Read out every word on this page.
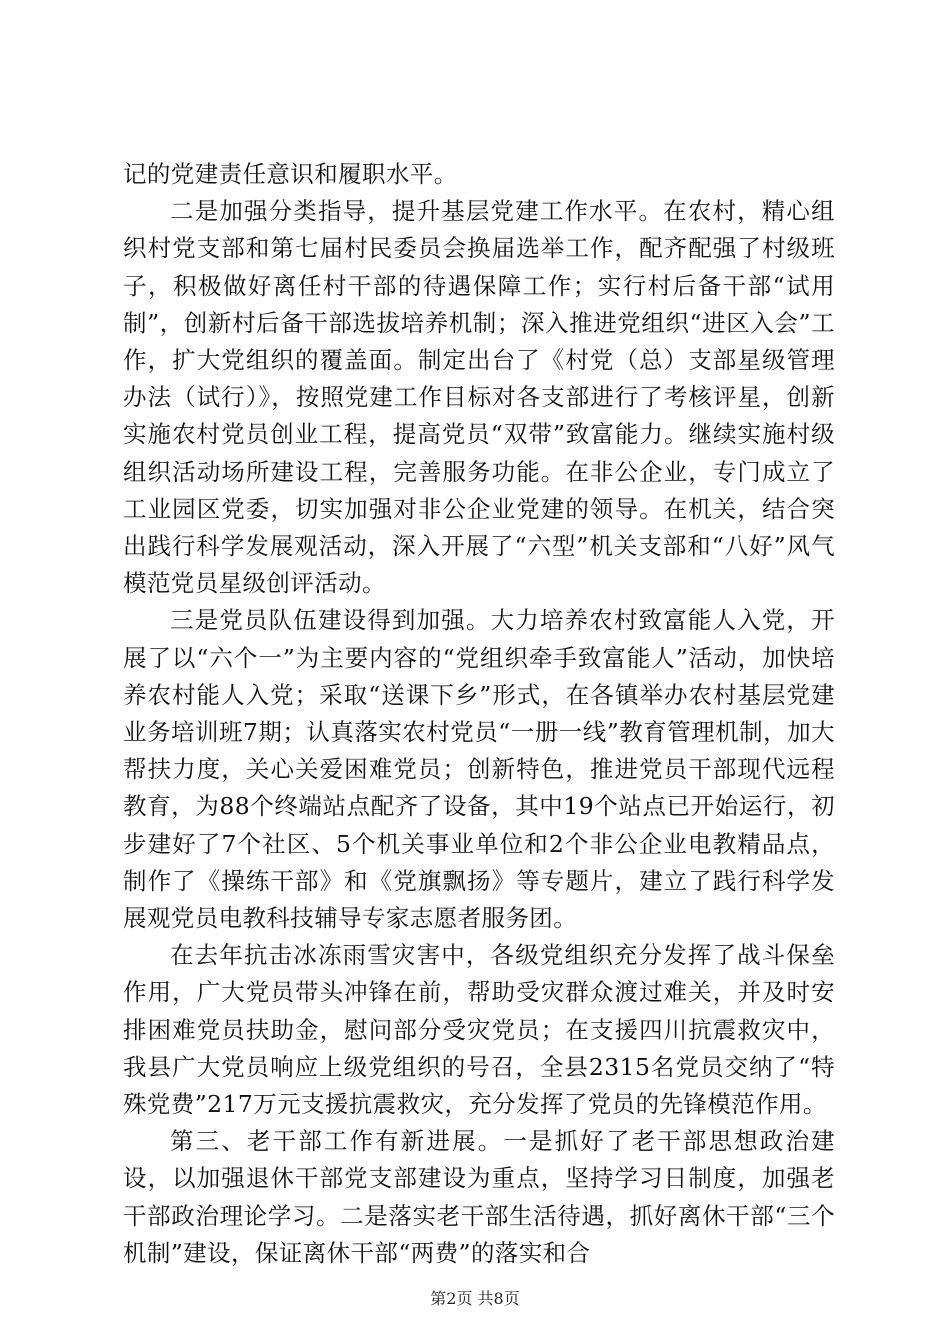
记的党建责任意识和履职水平。

二是加强分类指导，提升基层党建工作水平。在农村，精心组织村党支部和第七届村民委员会换届选举工作，配齐配强了村级班子，积极做好离任村干部的待遇保障工作；实行村后备干部“试用制”，创新村后备干部选拔培养机制；深入推进党组织“进区入会”工作，扩大党组织的覆盖面。制定出台了《村党（总）支部星级管理办法（试行）》，按照党建工作目标对各支部进行了考核评星，创新实施农村党员创业工程，提高党员“双带”致富能力。继续实施村级组织活动场所建设工程，完善服务功能。在非公企业，专门成立了工业园区党委，切实加强对非公企业党建的领导。在机关，结合突出践行科学发展观活动，深入开展了“六型”机关支部和“八好”风气模范党员星级创评活动。

三是党员队伍建设得到加强。大力培养农村致富能人入党，开展了以“六个一”为主要内容的“党组织牵手致富能人”活动，加快培养农村能人入党；采取“送课下乡”形式，在各镇举办农村基层党建业务培训班7期；认真落实农村党员“一册一线”教育管理机制，加大帮扶力度，关心关爱困难党员；创新特色，推进党员干部现代远程教育，为88个终端站点配齐了设备，其中19个站点已开始运行，初步建好了7个社区、5个机关事业单位和2个非公企业电教精品点，制作了《操练干部》和《党旗飘扬》等专题片，建立了践行科学发展观党员电教科技辅导专家志愿者服务团。

在去年抗击冰冻雨雪灾害中，各级党组织充分发挥了战斗保垒作用，广大党员带头冲锋在前，帮助受灾群众渡过难关，并及时安排困难党员扶助金，慰问部分受灾党员；在支援四川抗震救灾中，我县广大党员响应上级党组织的号召，全县2315名党员交纳了“特殊党费”217万元支援抗震救灾，充分发挥了党员的先锋模范作用。

第三、老干部工作有新进展。一是抓好了老干部思想政治建设，以加强退休干部党支部建设为重点，坚持学习日制度，加强老干部政治理论学习。二是落实老干部生活待遇，抓好离休干部“三个机制”建设，保证离休干部“两费”的落实和合

第2页 共8页
